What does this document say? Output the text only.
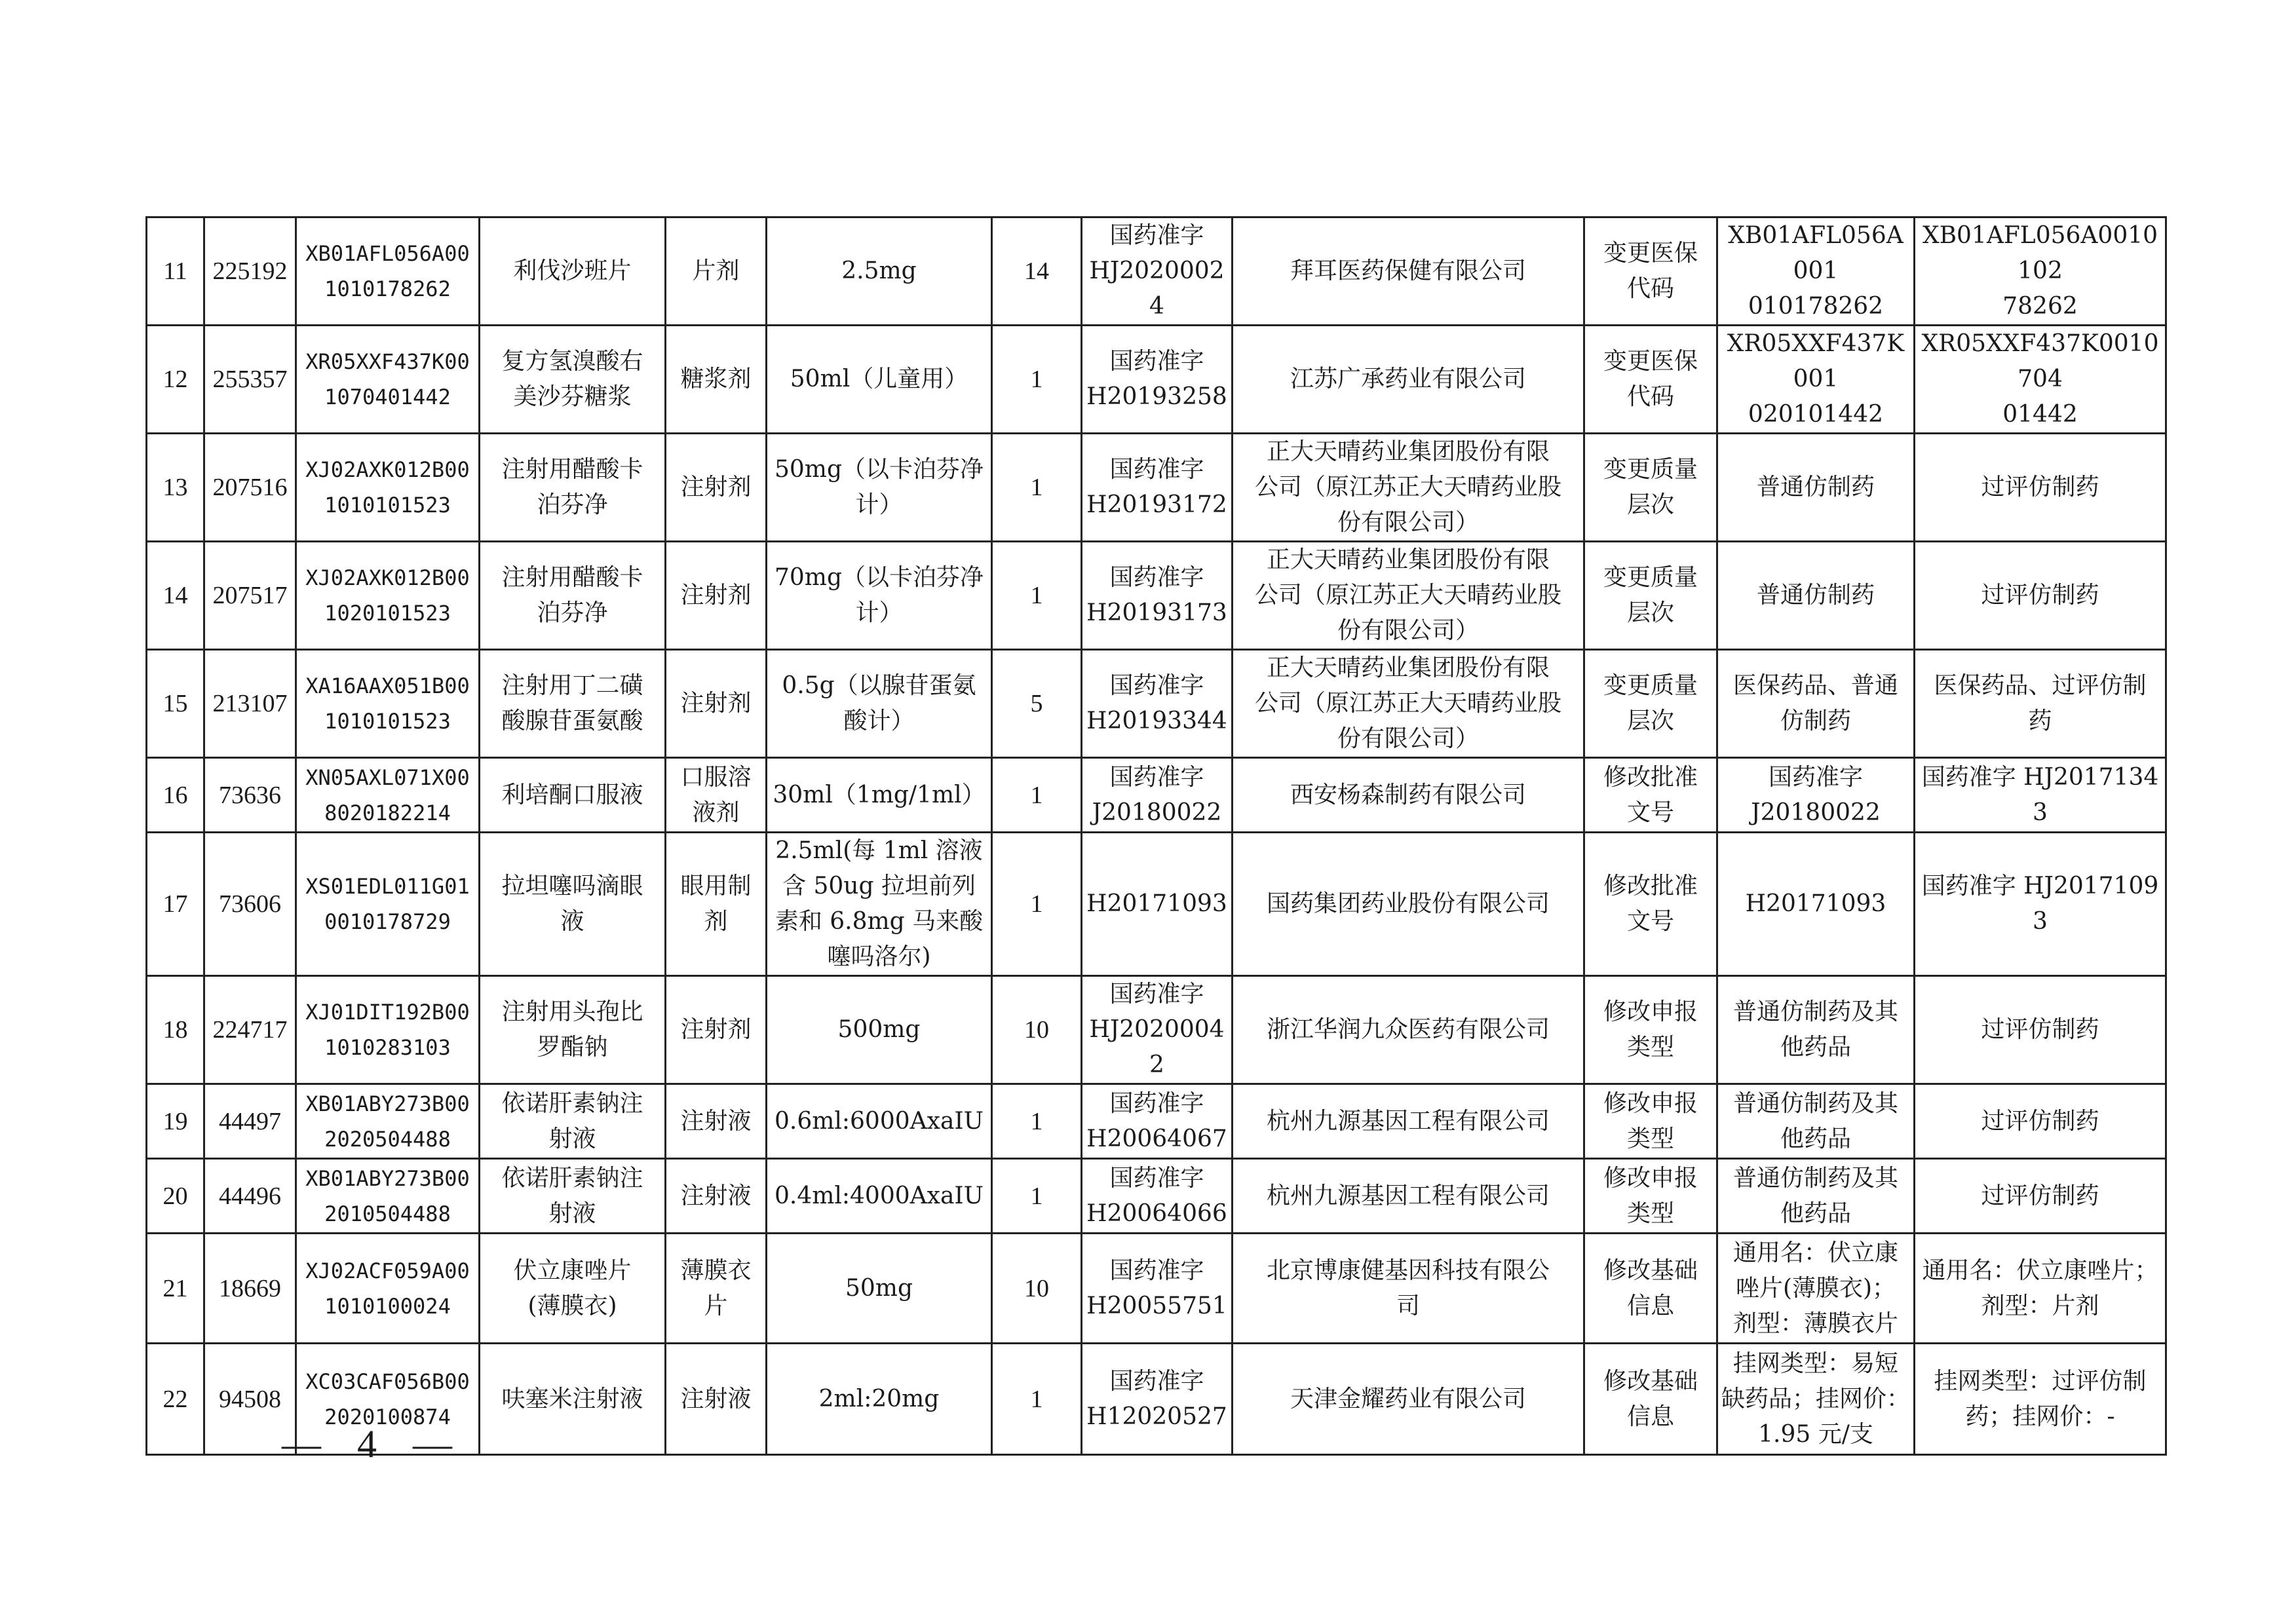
11	225192	XB01AFL056A00
1010178262	利伐沙班片	片剂	2.5mg	14	国药准字
HJ20200024	拜耳医药保健有限公司	变更医保
代码	XB01AFL056A001
010178262	XB01AFL056A0010102
78262
12	255357	XR05XXF437K00
1070401442	复方氢溴酸右
美沙芬糖浆	糖浆剂	50ml（儿童用）	1	国药准字
H20193258	江苏广承药业有限公司	变更医保
代码	XR05XXF437K001
020101442	XR05XXF437K0010704
01442
13	207516	XJ02AXK012B00
1010101523	注射用醋酸卡
泊芬净	注射剂	50mg（以卡泊芬净
计）	1	国药准字
H20193172	正大天晴药业集团股份有限
公司（原江苏正大天晴药业股
份有限公司）	变更质量
层次	普通仿制药	过评仿制药
14	207517	XJ02AXK012B00
1020101523	注射用醋酸卡
泊芬净	注射剂	70mg（以卡泊芬净
计）	1	国药准字
H20193173	正大天晴药业集团股份有限
公司（原江苏正大天晴药业股
份有限公司）	变更质量
层次	普通仿制药	过评仿制药
15	213107	XA16AAX051B00
1010101523	注射用丁二磺
酸腺苷蛋氨酸	注射剂	0.5g（以腺苷蛋氨
酸计）	5	国药准字
H20193344	正大天晴药业集团股份有限
公司（原江苏正大天晴药业股
份有限公司）	变更质量
层次	医保药品、普通
仿制药	医保药品、过评仿制
药
16	73636	XN05AXL071X00
8020182214	利培酮口服液	口服溶
液剂	30ml（1mg/1ml）	1	国药准字
J20180022	西安杨森制药有限公司	修改批准
文号	国药准字
J20180022	国药准字 HJ20171343
17	73606	XS01EDL011G01
0010178729	拉坦噻吗滴眼
液	眼用制
剂	2.5ml(每 1ml 溶液
含 50ug 拉坦前列
素和 6.8mg 马来酸
噻吗洛尔)	1	H20171093	国药集团药业股份有限公司	修改批准
文号	H20171093	国药准字 HJ20171093
18	224717	XJ01DIT192B00
1010283103	注射用头孢比
罗酯钠	注射剂	500mg	10	国药准字
HJ20200042	浙江华润九众医药有限公司	修改申报
类型	普通仿制药及其
他药品	过评仿制药
19	44497	XB01ABY273B00
2020504488	依诺肝素钠注
射液	注射液	0.6ml:6000AxaIU	1	国药准字
H20064067	杭州九源基因工程有限公司	修改申报
类型	普通仿制药及其
他药品	过评仿制药
20	44496	XB01ABY273B00
2010504488	依诺肝素钠注
射液	注射液	0.4ml:4000AxaIU	1	国药准字
H20064066	杭州九源基因工程有限公司	修改申报
类型	普通仿制药及其
他药品	过评仿制药
21	18669	XJ02ACF059A00
1010100024	伏立康唑片
(薄膜衣)	薄膜衣
片	50mg	10	国药准字
H20055751	北京博康健基因科技有限公
司	修改基础
信息	通用名：伏立康
唑片(薄膜衣)；
剂型：薄膜衣片	通用名：伏立康唑片；
剂型：片剂
22	94508	XC03CAF056B00
2020100874	呋塞米注射液	注射液	2ml:20mg	1	国药准字
H12020527	天津金耀药业有限公司	修改基础
信息	挂网类型：易短
缺药品；挂网价：
1.95 元/支	挂网类型：过评仿制
药；挂网价：-
— 4 —
